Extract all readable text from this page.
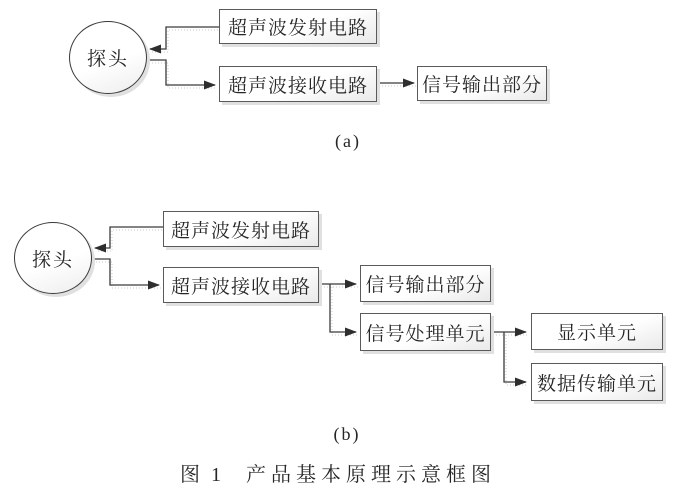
探头
超声波发射电路
超声波接收电路	信号输出部分
(a)
探头
超声波发射电路
超声波接收电路	信号输出部分
信号处理单元	显示单元
数据传输单元
(b)
图 1 产品基本原理示意框图
